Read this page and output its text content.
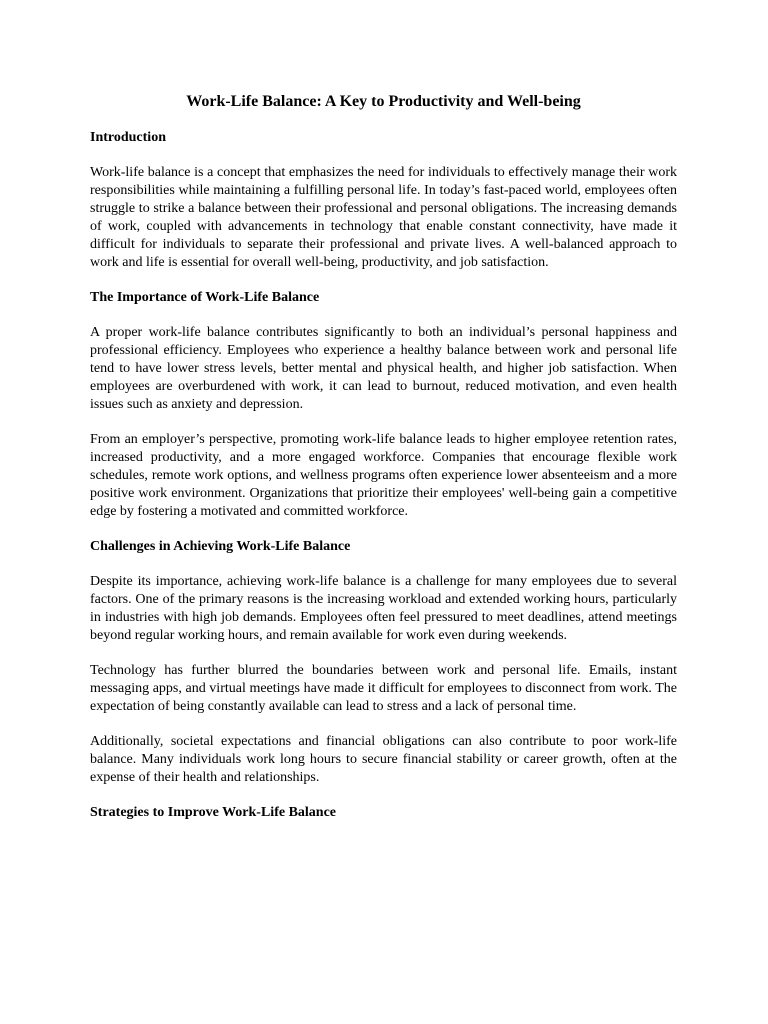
Work-Life Balance: A Key to Productivity and Well-being
Introduction

Work-life balance is a concept that emphasizes the need for individuals to effectively manage their work responsibilities while maintaining a fulfilling personal life. In today’s fast-paced world, employees often struggle to strike a balance between their professional and personal obligations. The increasing demands of work, coupled with advancements in technology that enable constant connectivity, have made it difficult for individuals to separate their professional and private lives. A well-balanced approach to work and life is essential for overall well-being, productivity, and job satisfaction.

The Importance of Work-Life Balance

A proper work-life balance contributes significantly to both an individual’s personal happiness and professional efficiency. Employees who experience a healthy balance between work and personal life tend to have lower stress levels, better mental and physical health, and higher job satisfaction. When employees are overburdened with work, it can lead to burnout, reduced motivation, and even health issues such as anxiety and depression.

From an employer’s perspective, promoting work-life balance leads to higher employee retention rates, increased productivity, and a more engaged workforce. Companies that encourage flexible work schedules, remote work options, and wellness programs often experience lower absenteeism and a more positive work environment. Organizations that prioritize their employees' well-being gain a competitive edge by fostering a motivated and committed workforce.

Challenges in Achieving Work-Life Balance

Despite its importance, achieving work-life balance is a challenge for many employees due to several factors. One of the primary reasons is the increasing workload and extended working hours, particularly in industries with high job demands. Employees often feel pressured to meet deadlines, attend meetings beyond regular working hours, and remain available for work even during weekends.

Technology has further blurred the boundaries between work and personal life. Emails, instant messaging apps, and virtual meetings have made it difficult for employees to disconnect from work. The expectation of being constantly available can lead to stress and a lack of personal time.

Additionally, societal expectations and financial obligations can also contribute to poor work-life balance. Many individuals work long hours to secure financial stability or career growth, often at the expense of their health and relationships.

Strategies to Improve Work-Life Balance
